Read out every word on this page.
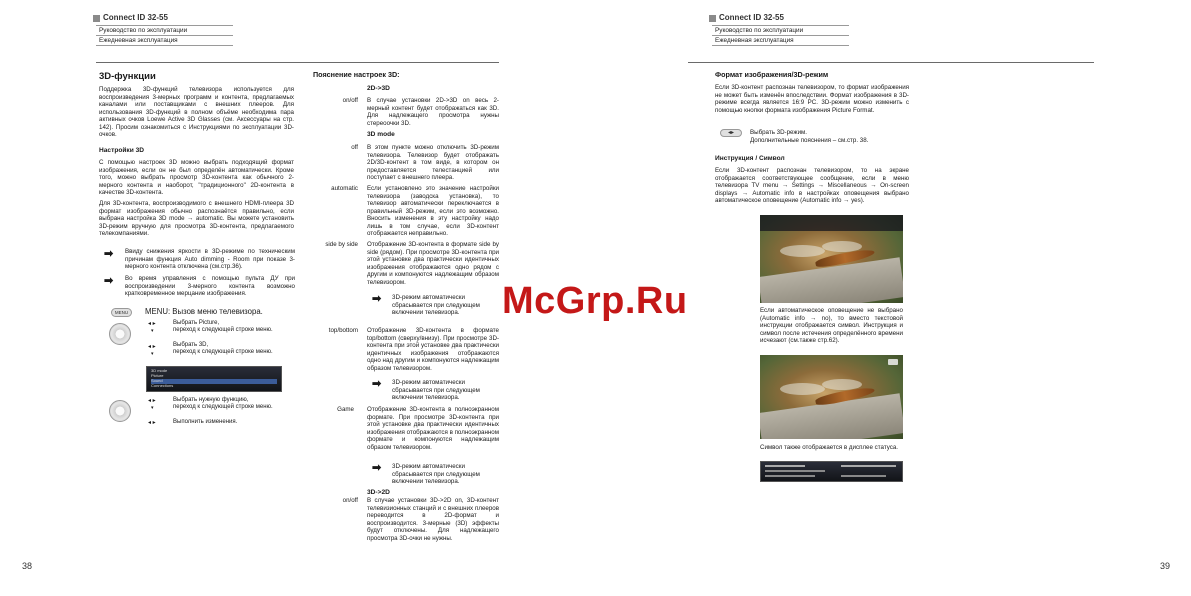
Connect ID 32-55
Руководство по эксплуатации
Ежедневная эксплуатация
3D-функции
Поддержка 3D-функций телевизора используется для воспроизведения 3-мерных программ и контента, предлагаемых каналами или поставщиками с внешних плееров. Для использования 3D-функций в полном объёме необходима пара активных очков Loewe Active 3D Glasses (см. Аксессуары на стр. 142). Просим ознакомиться с Инструкциями по эксплуатации 3D-очков.
Настройки 3D
С помощью настроек 3D можно выбрать подходящий формат изображения, если он не был определён автоматически. Кроме того, можно выбрать просмотр 3D-контента как обычного 2-мерного контента и наоборот, "традиционного" 2D-контента в качестве 3D-контента.
Для 3D-контента, воспроизводимого с внешнего HDMI-плеера 3D формат изображения обычно распознаётся правильно, если выбрана настройка 3D mode → automatic. Вы можете установить 3D-режим вручную для просмотра 3D-контента, предлагаемого телекомпаниями.
➡ Ввиду снижения яркости в 3D-режиме по техническим причинам функция Auto dimming - Room при показе 3-мерного контента отключена (см.стр.36).
➡ Во время управления с помощью пульта ДУ при воспроизведении 3-мерного контента возможно кратковременное мерцание изображения.
MENU	MENU: Вызов меню телевизора.
◂ ▸
▾
Выбрать Picture,
переход к следующей строке меню.
◂ ▸
▾
Выбрать 3D,
переход к следующей строке меню.
3D mode
Picture
Sound
Connections
◂ ▸
▾
Выбрать нужную функцию,
переход к следующей строке меню.
◂ ▸	Выполнить изменения.
38
Пояснение настроек 3D:
2D->3D
on/off В случае установки 2D->3D on весь 2-мерный контент будет отображаться как 3D. Для надлежащего просмотра нужны стереоочки 3D.
3D mode
off В этом пункте можно отключить 3D-режим телевизора. Телевизор будет отображать 2D/3D-контент в том виде, в котором он предоставляется телестанцией или поступает с внешнего плеера.
automatic Если установлено это значение настройки телевизора (заводска установка), то телевизор автоматически переключается в правильный 3D-режим, если это возможно. Вносить изменения в эту настройку надо лишь в том случае, если 3D-контент отображается неправильно.
side by side Отображение 3D-контента в формате side by side (рядом). При просмотре 3D-контента при этой установке два практически идентичных изображения отображаются одно рядом с другим и компонуются надлежащим образом телевизором.
➡ 3D-режим автоматически сбрасывается при следующем включении телевизора.
top/bottom Отображение 3D-контента в формате top/bottom (сверху/внизу). При просмотре 3D-контента при этой установке два практически идентичных изображения отображаются одно над другим и компонуются надлежащим образом телевизором.
➡ 3D-режим автоматически сбрасывается при следующем включении телевизора.
Game Отображение 3D-контента в полноэкранном формате. При просмотре 3D-контента при этой установке два практически идентичных изображения отображаются в полноэкранном формате и компонуются надлежащим образом телевизором.
➡ 3D-режим автоматически сбрасывается при следующем включении телевизора.
3D->2D
on/off В случае установки 3D->2D on, 3D-контент телевизионных станций и с внешних плееров переводится в 2D-формат и воспроизводится. 3-мерные (3D) эффекты будут отключены. Для надлежащего просмотра 3D-очки не нужны.
McGrp.Ru
Connect ID 32-55
Руководство по эксплуатации
Ежедневная эксплуатация
Формат изображения/3D-режим
Если 3D-контент распознан телевизором, то формат изображения не может быть изменён впоследствии. Формат изображения в 3D-режиме всегда является 16:9 PC. 3D-режим можно изменить с помощью кнопки формата изображения Picture Format.
◂▸	Выбрать 3D-режим.
Дополнительные пояснения – см.стр. 38.
Инструкция / Символ
Если 3D-контент распознан телевизором, то на экране отображается соответствующее сообщение, если в меню телевизора TV menu → Settings → Miscellaneous → On-screen displays → Automatic info в настройках оповещения выбрано автоматическое оповещение (Automatic info → yes).
Если автоматическое оповещение не выбрано (Automatic info → no), то вместо текстовой инструкции отображается символ. Инструкция и символ после истечения определённого времени исчезают (см.также стр.62).
Символ также отображается в дисплее статуса.
39
